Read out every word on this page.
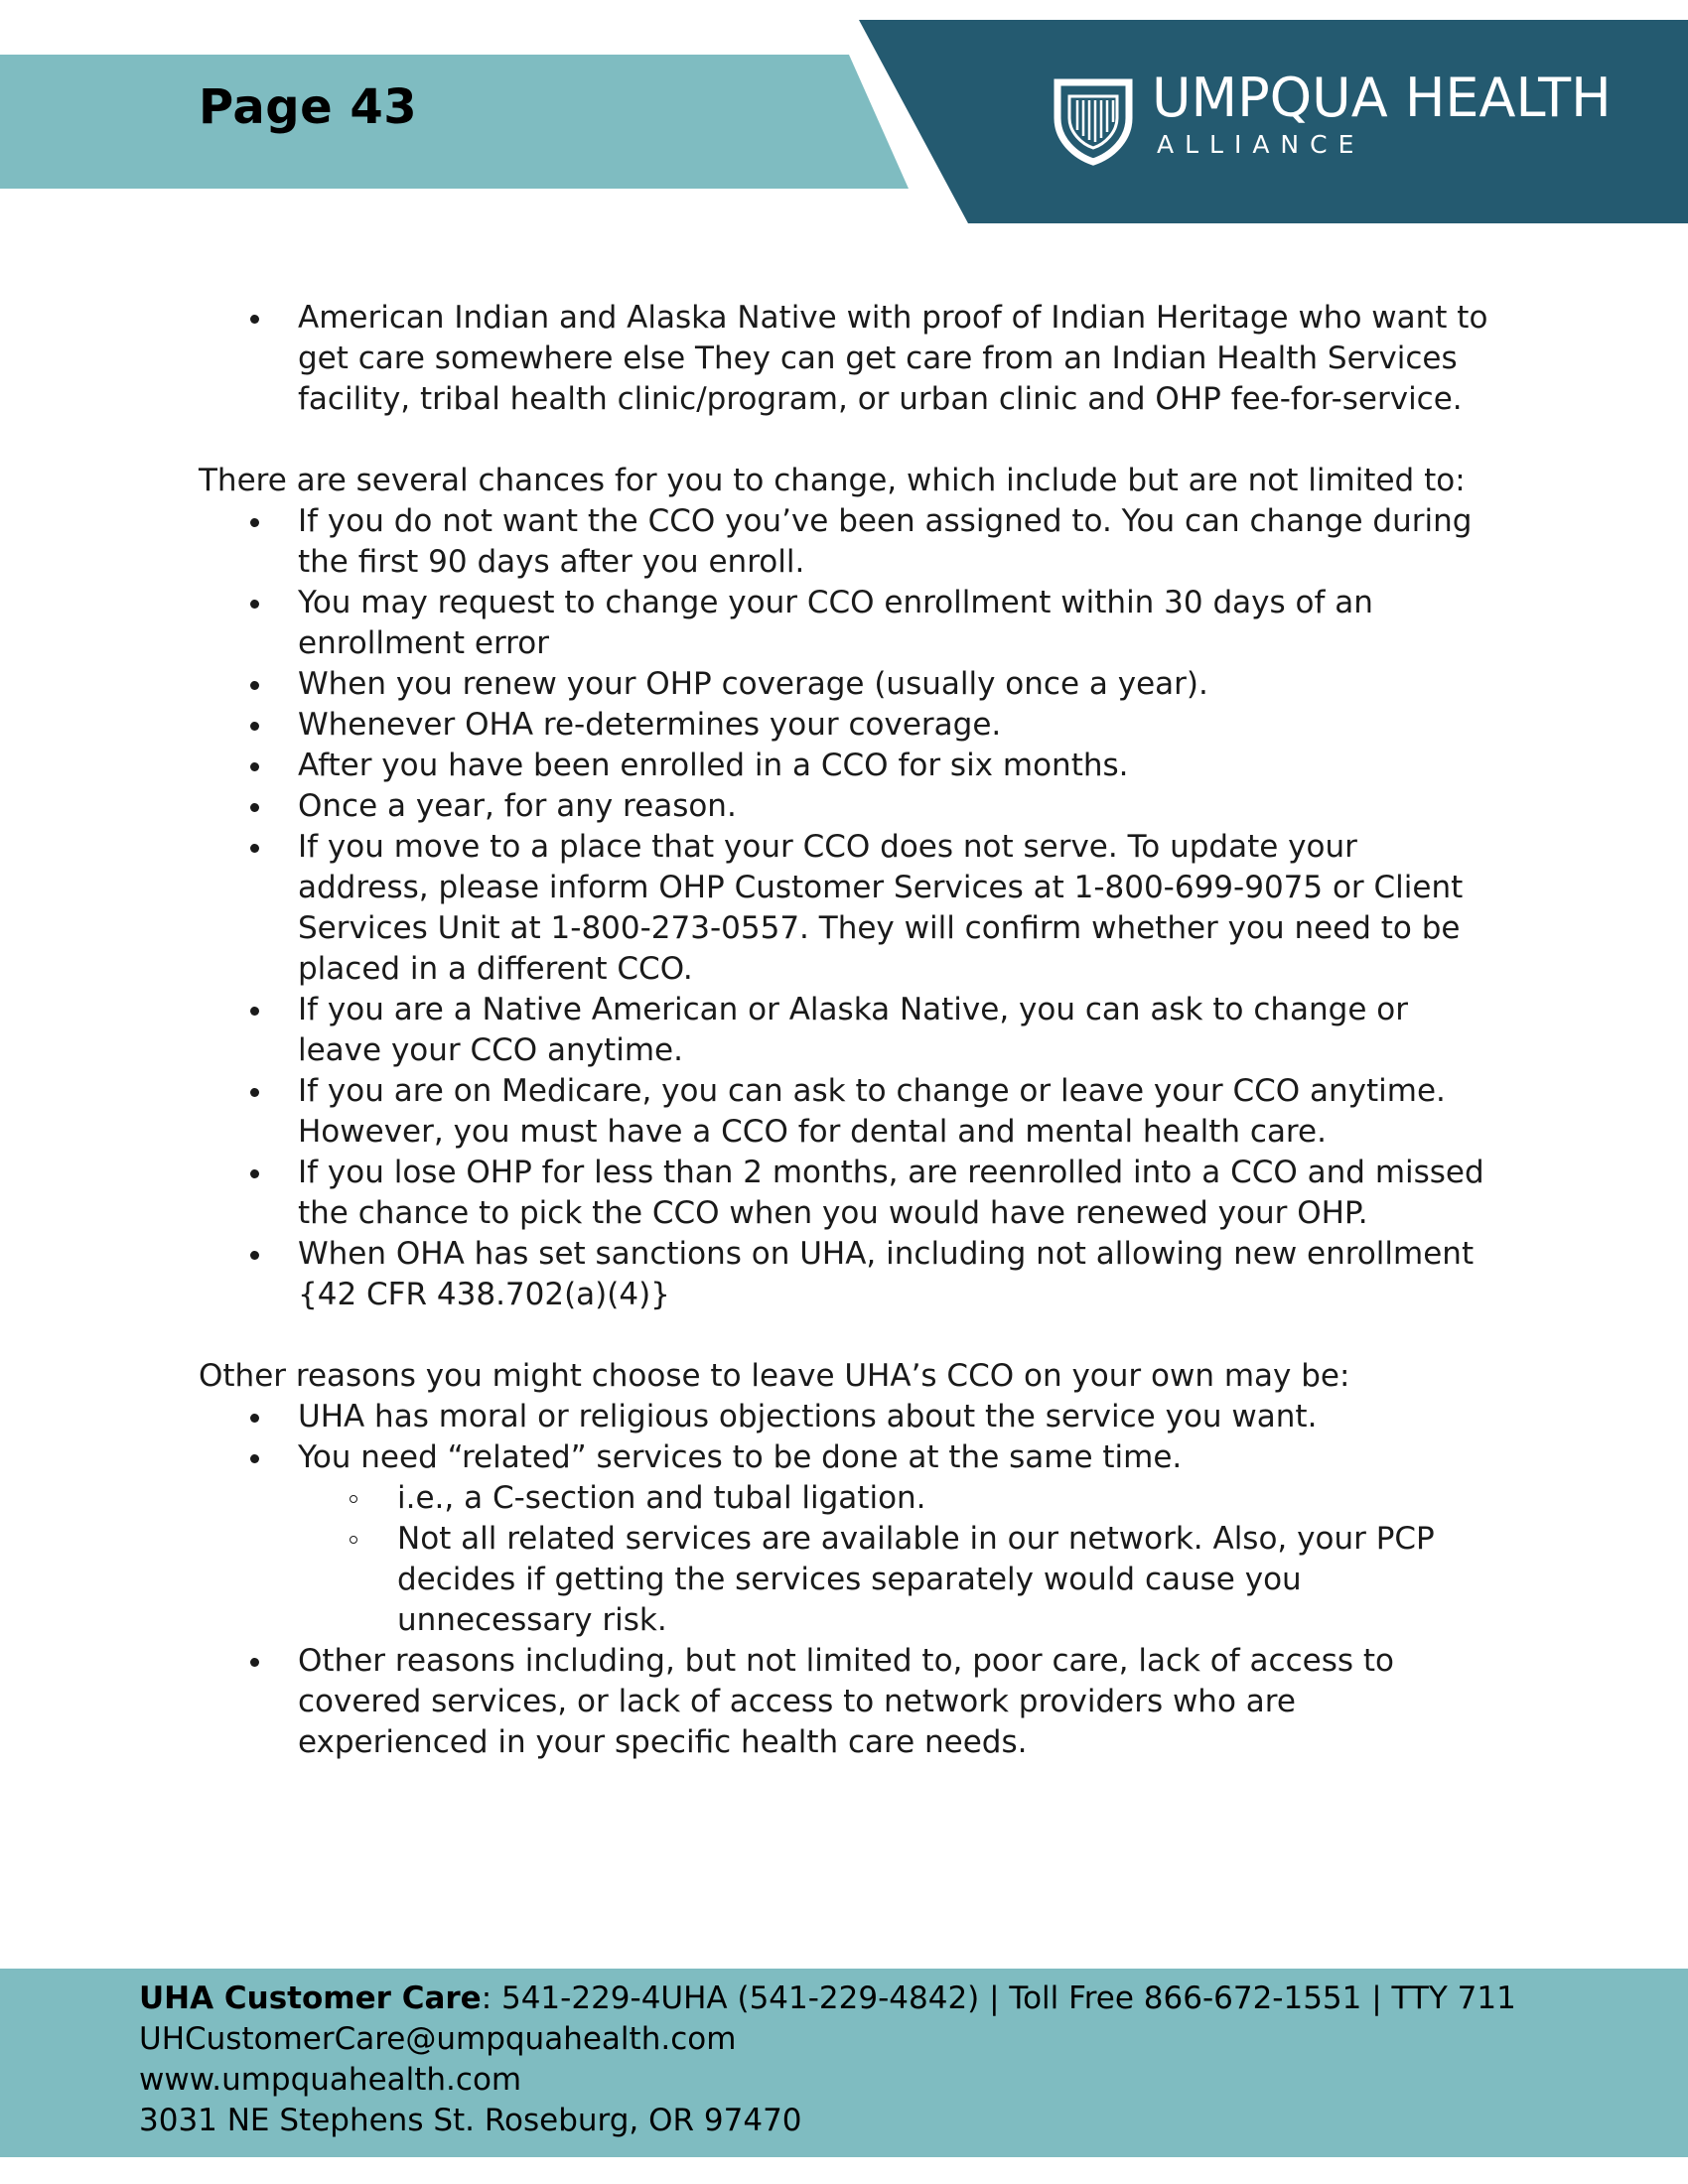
Page 43	UMPQUA HEALTH
ALLIANCE
American Indian and Alaska Native with proof of Indian Heritage who want to get care somewhere else They can get care from an Indian Health Services facility, tribal health clinic/program, or urban clinic and OHP fee-for-service.

There are several chances for you to change, which include but are not limited to:

If you do not want the CCO you’ve been assigned to. You can change during the first 90 days after you enroll.
You may request to change your CCO enrollment within 30 days of an enrollment error
When you renew your OHP coverage (usually once a year).
Whenever OHA re-determines your coverage.
After you have been enrolled in a CCO for six months.
Once a year, for any reason.
If you move to a place that your CCO does not serve. To update your address, please inform OHP Customer Services at 1-800-699-9075 or Client Services Unit at 1-800-273-0557. They will confirm whether you need to be placed in a different CCO.
If you are a Native American or Alaska Native, you can ask to change or leave your CCO anytime.
If you are on Medicare, you can ask to change or leave your CCO anytime. However, you must have a CCO for dental and mental health care.
If you lose OHP for less than 2 months, are reenrolled into a CCO and missed the chance to pick the CCO when you would have renewed your OHP.
When OHA has set sanctions on UHA, including not allowing new enrollment {42 CFR 438.702(a)(4)}

Other reasons you might choose to leave UHA’s CCO on your own may be:

UHA has moral or religious objections about the service you want.
You need “related” services to be done at the same time.
i.e., a C-section and tubal ligation.
Not all related services are available in our network. Also, your PCP decides if getting the services separately would cause you unnecessary risk.
Other reasons including, but not limited to, poor care, lack of access to covered services, or lack of access to network providers who are experienced in your specific health care needs.
UHA Customer Care: 541-229-4UHA (541-229-4842) | Toll Free 866-672-1551 | TTY 711
UHCustomerCare@umpquahealth.com
www.umpquahealth.com
3031 NE Stephens St. Roseburg, OR 97470
